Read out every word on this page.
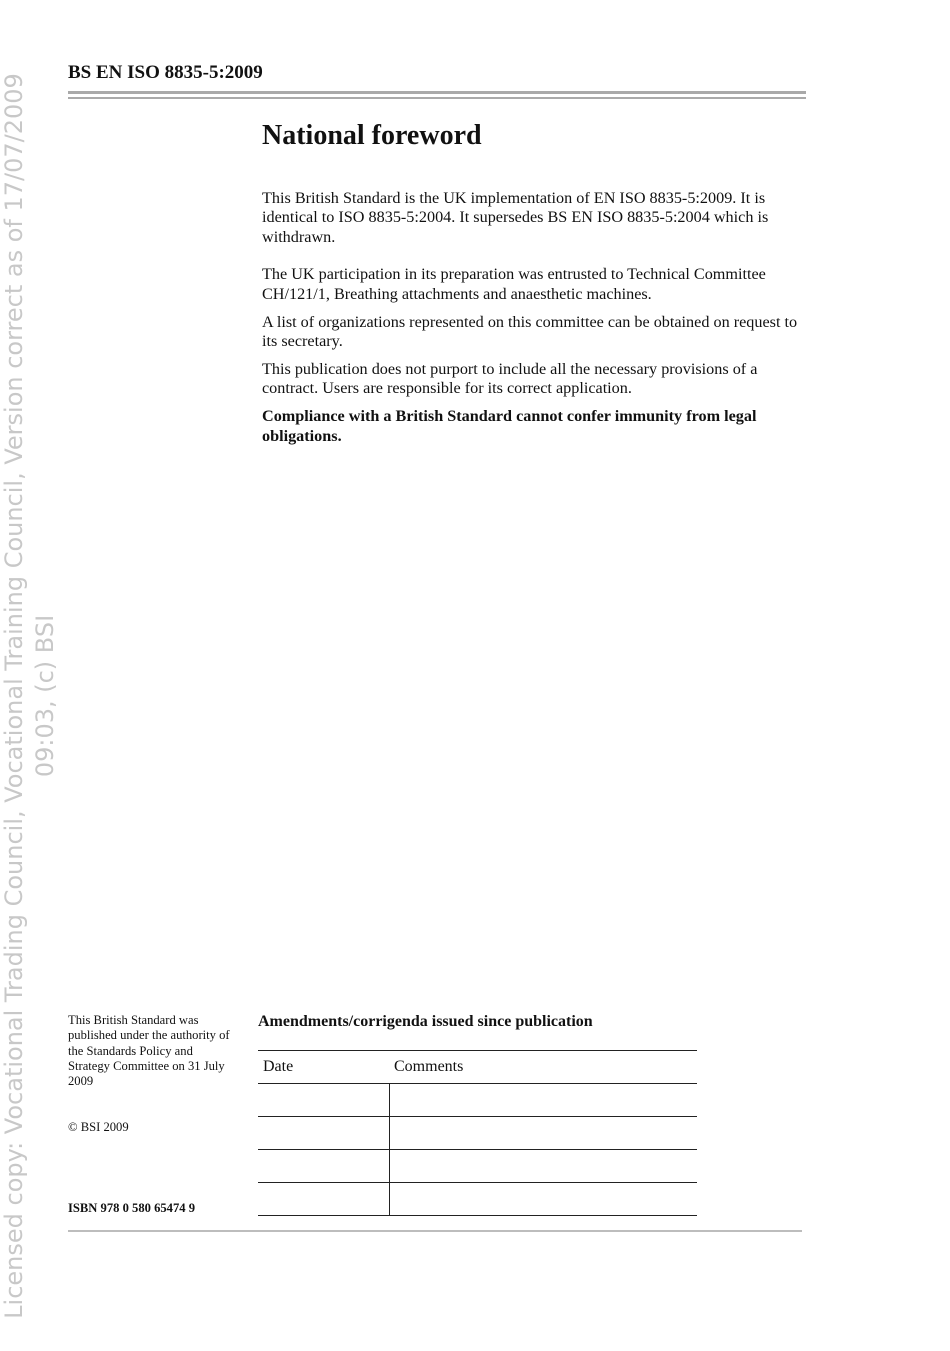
Licensed copy: Vocational Trading Council, Vocational Training Council, Version correct as of 17/07/2009 09:03, (c) BSI
BS EN ISO 8835-5:2009
National foreword

This British Standard is the UK implementation of EN ISO 8835-5:2009. It is identical to ISO 8835-5:2004. It supersedes BS EN ISO 8835-5:2004 which is withdrawn.

The UK participation in its preparation was entrusted to Technical Committee CH/121/1, Breathing attachments and anaesthetic machines.

A list of organizations represented on this committee can be obtained on request to its secretary.

This publication does not purport to include all the necessary provisions of a contract. Users are responsible for its correct application.

Compliance with a British Standard cannot confer immunity from legal obligations.

This British Standard was published under the authority of the Standards Policy and Strategy Committee on 31 July 2009

© BSI 2009
ISBN 978 0 580 65474 9
Amendments/corrigenda issued since publication
Date	Comments
